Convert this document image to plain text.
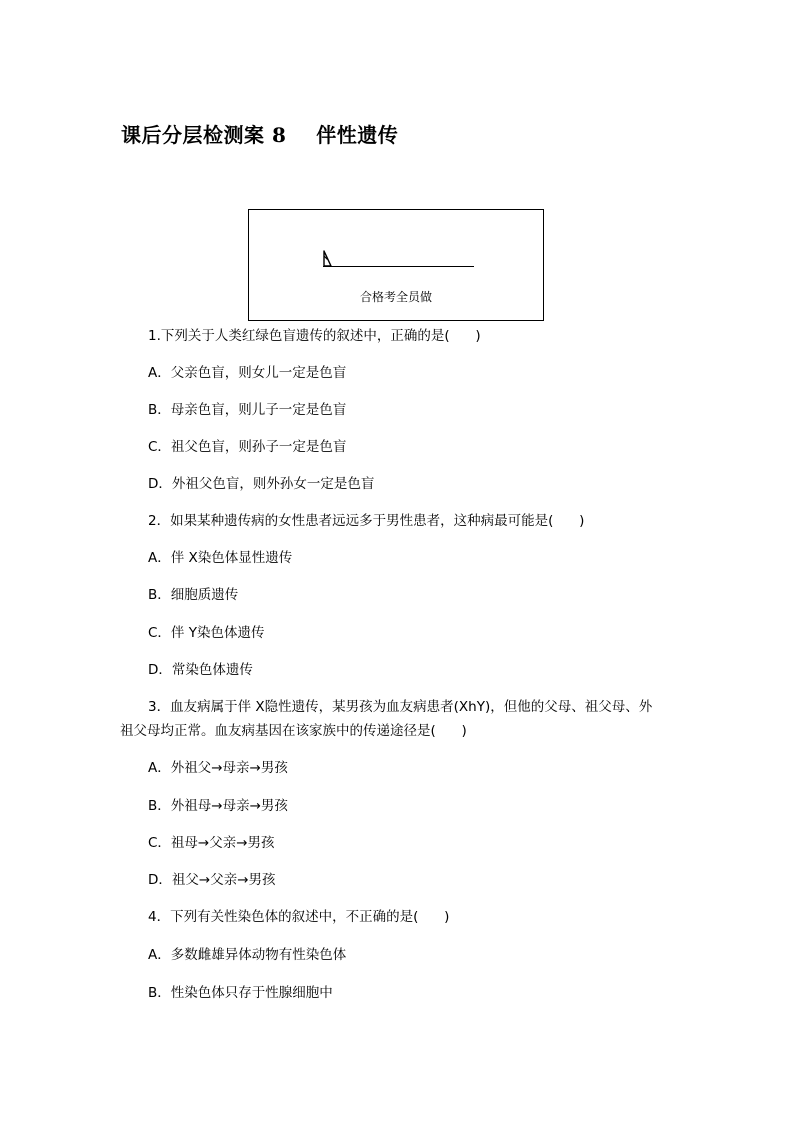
课后分层检测案 8    伴性遗传
合格考全员做
1.下列关于人类红绿色盲遗传的叙述中，正确的是(      )
A．父亲色盲，则女儿一定是色盲
B．母亲色盲，则儿子一定是色盲
C．祖父色盲，则孙子一定是色盲
D．外祖父色盲，则外孙女一定是色盲
2．如果某种遗传病的女性患者远远多于男性患者，这种病最可能是(      )
A．伴 X染色体显性遗传
B．细胞质遗传
C．伴 Y染色体遗传
D．常染色体遗传
3．血友病属于伴 X隐性遗传，某男孩为血友病患者(XhY)，但他的父母、祖父母、外
祖父母均正常。血友病基因在该家族中的传递途径是(      )
A．外祖父→母亲→男孩
B．外祖母→母亲→男孩
C．祖母→父亲→男孩
D．祖父→父亲→男孩
4．下列有关性染色体的叙述中，不正确的是(      )
A．多数雌雄异体动物有性染色体
B．性染色体只存于性腺细胞中
